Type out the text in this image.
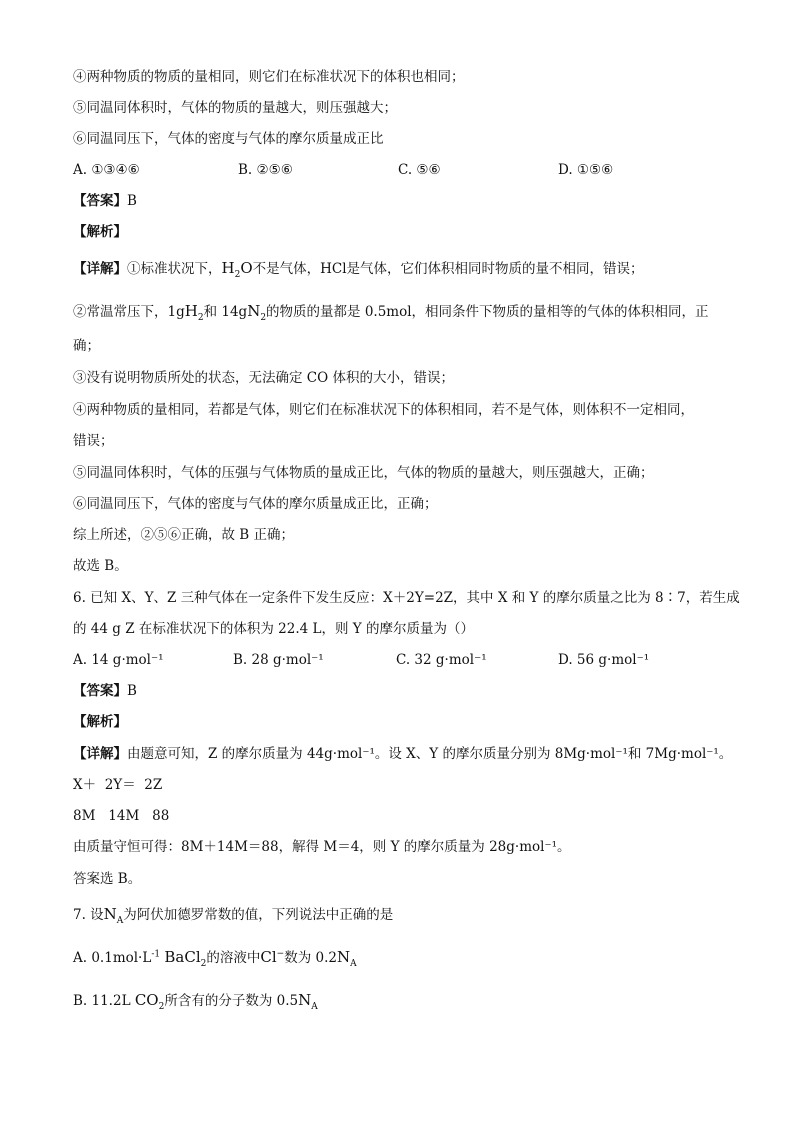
④两种物质的物质的量相同，则它们在标准状况下的体积也相同；
⑤同温同体积时，气体的物质的量越大，则压强越大；
⑥同温同压下，气体的密度与气体的摩尔质量成正比
A. ①③④⑥	B. ②⑤⑥	C. ⑤⑥	D. ①⑤⑥
【答案】B
【解析】
【详解】①标准状况下，$H_2O$不是气体，HCl是气体，它们体积相同时物质的量不相同，错误；
②常温常压下，$1gH_2$和 $14gN_2$的物质的量都是 0.5mol，相同条件下物质的量相等的气体的体积相同，正
确；
③没有说明物质所处的状态，无法确定 CO 体积的大小，错误；
④两种物质的量相同，若都是气体，则它们在标准状况下的体积相同，若不是气体，则体积不一定相同，
错误；
⑤同温同体积时，气体的压强与气体物质的量成正比，气体的物质的量越大，则压强越大，正确；
⑥同温同压下，气体的密度与气体的摩尔质量成正比，正确；
综上所述，②⑤⑥正确，故 B 正确；
故选 B。
6. 已知 X、Y、Z 三种气体在一定条件下发生反应：X＋2Y=2Z，其中 X 和 Y 的摩尔质量之比为 8∶7，若生成
的 44 g Z 在标准状况下的体积为 22.4 L，则 Y 的摩尔质量为（）
A. 14 g·mol⁻¹	B. 28 g·mol⁻¹	C. 32 g·mol⁻¹	D. 56 g·mol⁻¹
【答案】B
【解析】
【详解】由题意可知，Z 的摩尔质量为 44g·mol⁻¹。设 X、Y 的摩尔质量分别为 8Mg·mol⁻¹和 7Mg·mol⁻¹。
X＋  2Y＝  2Z
8M   14M   88
由质量守恒可得：8M＋14M＝88，解得 M＝4，则 Y 的摩尔质量为 28g·mol⁻¹。
答案选 B。
7. 设$N_A$为阿伏加德罗常数的值，下列说法中正确的是
A. $0.1mol\cdot L^{-1}$ BaCl$_2$的溶液中Cl−数为 $0.2N_A$
B. 11.2L $CO_2$所含有的分子数为 $0.5N_A$
